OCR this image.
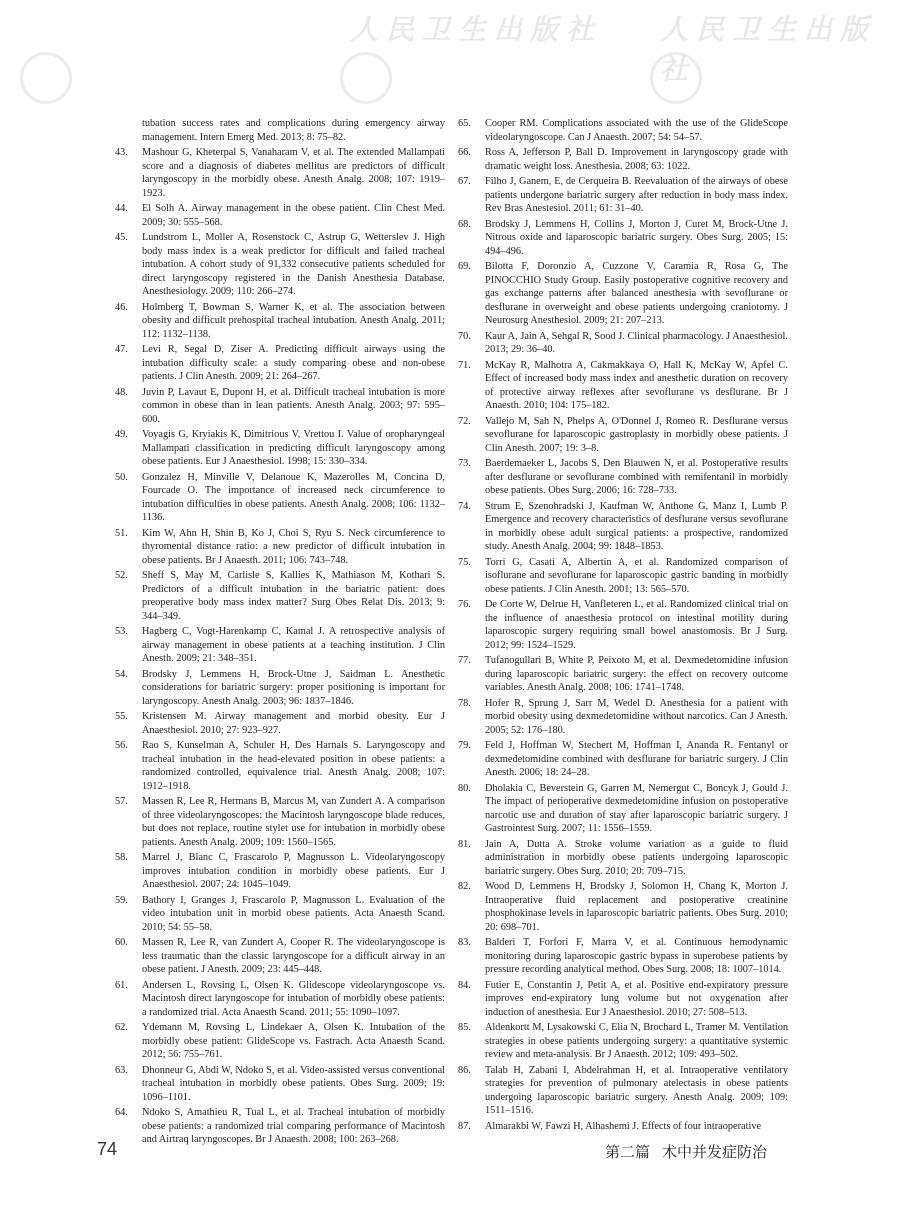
人民卫生出版社 人民卫生出版社
tubation success rates and complications during emergency airway management. Intern Emerg Med. 2013; 8: 75–82.
43.	Mashour G, Kheterpal S, Vanaharam V, et al. The extended Mallampati score and a diagnosis of diabetes mellitus are predictors of difficult laryngoscopy in the morbidly obese. Anesth Analg. 2008; 107: 1919–1923.
44.	El Solh A. Airway management in the obese patient. Clin Chest Med. 2009; 30: 555–568.
45.	Lundstrom L, Moller A, Rosenstock C, Astrup G, Wetterslev J. High body mass index is a weak predictor for difficult and failed tracheal intubation. A cohort study of 91,332 consecutive patients scheduled for direct laryngoscopy registered in the Danish Anesthesia Database. Anesthesiology. 2009; 110: 266–274.
46.	Holmberg T, Bowman S, Warner K, et al. The association between obesity and difficult prehospital tracheal intubation. Anesth Analg. 2011; 112: 1132–1138.
47.	Levi R, Segal D, Ziser A. Predicting difficult airways using the intubation difficulty scale: a study comparing obese and non-obese patients. J Clin Anesth. 2009; 21: 264–267.
48.	Juvin P, Lavaut E, Dupont H, et al. Difficult tracheal intubation is more common in obese than in lean patients. Anesth Analg. 2003; 97: 595–600.
49.	Voyagis G, Kryiakis K, Dimitrious V, Vrettou I. Value of oropharyngeal Mallampati classification in predicting difficult laryngoscopy among obese patients. Eur J Anaesthesiol. 1998; 15: 330–334.
50.	Gonzalez H, Minville V, Delanoue K, Mazerolles M, Concina D, Fourcade O. The importance of increased neck circumference to intubation difficulties in obese patients. Anesth Analg. 2008; 106: 1132–1136.
51.	Kim W, Ahn H, Shin B, Ko J, Choi S, Ryu S. Neck circumference to thyromental distance ratio: a new predictor of difficult intubation in obese patients. Br J Anaesth. 2011; 106: 743–748.
52.	Sheff S, May M, Carlisle S, Kallies K, Mathiason M, Kothari S. Predictors of a difficult intubation in the bariatric patient: does preoperative body mass index matter? Surg Obes Relat Dis. 2013; 9: 344–349.
53.	Hagberg C, Vogt-Harenkamp C, Kamal J. A retrospective analysis of airway management in obese patients at a teaching institution. J Clin Anesth. 2009; 21: 348–351.
54.	Brodsky J, Lemmens H, Brock-Utne J, Saidman L. Anesthetic considerations for bariatric surgery: proper positioning is important for laryngoscopy. Anesth Analg. 2003; 96: 1837–1846.
55.	Kristensen M. Airway management and morbid obesity. Eur J Anaesthesiol. 2010; 27: 923–927.
56.	Rao S, Kunselman A, Schuler H, Des Harnals S. Laryngoscopy and tracheal intubation in the head-elevated position in obese patients: a randomized controlled, equivalence trial. Anesth Analg. 2008; 107: 1912–1918.
57.	Massen R, Lee R, Hermans B, Marcus M, van Zundert A. A comparison of three videolaryngoscopes: the Macintosh laryngoscope blade reduces, but does not replace, routine stylet use for intubation in morbidly obese patients. Anesth Analg. 2009; 109: 1560–1565.
58.	Marrel J, Blanc C, Frascarolo P, Magnusson L. Videolaryngoscopy improves intubation condition in morbidly obese patients. Eur J Anaesthesiol. 2007; 24: 1045–1049.
59.	Bathory I, Granges J, Frascarolo P, Magnusson L. Evaluation of the video intubation unit in morbid obese patients. Acta Anaesth Scand. 2010; 54: 55–58.
60.	Massen R, Lee R, van Zundert A, Cooper R. The videolaryngoscope is less traumatic than the classic laryngoscope for a difficult airway in an obese patient. J Anesth. 2009; 23: 445–448.
61.	Andersen L, Rovsing L, Olsen K. Glidescope videolaryngoscope vs. Macintosh direct laryngoscope for intubation of morbidly obese patients: a randomized trial. Acta Anaesth Scand. 2011; 55: 1090–1097.
62.	Ydemann M, Rovsing L, Lindekaer A, Olsen K. Intubation of the morbidly obese patient: GlideScope vs. Fastrach. Acta Anaesth Scand. 2012; 56: 755–761.
63.	Dhonneur G, Abdi W, Ndoko S, et al. Video-assisted versus conventional tracheal intubation in morbidly obese patients. Obes Surg. 2009; 19: 1096–1101.
64.	Ndoko S, Amathieu R, Tual L, et al. Tracheal intubation of morbidly obese patients: a randomized trial comparing performance of Macintosh and Airtraq laryngoscopes. Br J Anaesth. 2008; 100: 263–268.
65.	Cooper RM. Complications associated with the use of the GlideScope videolaryngoscope. Can J Anaesth. 2007; 54: 54–57.
66.	Ross A, Jefferson P, Ball D. Improvement in laryngoscopy grade with dramatic weight loss. Anesthesia. 2008; 63: 1022.
67.	Filho J, Ganem, E, de Cerqueira B. Reevaluation of the airways of obese patients undergone bariatric surgery after reduction in body mass index. Rev Bras Anestesiol. 2011; 61: 31–40.
68.	Brodsky J, Lemmens H, Collins J, Morton J, Curet M, Brock-Utne J. Nitrous oxide and laparoscopic bariatric surgery. Obes Surg. 2005; 15: 494–496.
69.	Bilotta F, Doronzio A, Cuzzone V, Caramia R, Rosa G, The PINOCCHIO Study Group. Easily postoperative cognitive recovery and gas exchange patterns after balanced anesthesia with sevoflurane or desflurane in overweight and obese patients undergoing craniotomy. J Neurosurg Anesthesiol. 2009; 21: 207–213.
70.	Kaur A, Jain A, Sehgal R, Sood J. Clinical pharmacology. J Anaesthesiol. 2013; 29: 36–40.
71.	McKay R, Malhotra A, Cakmakkaya O, Hall K, McKay W, Apfel C. Effect of increased body mass index and anesthetic duration on recovery of protective airway reflexes after sevoflurane vs desflurane. Br J Anaesth. 2010; 104: 175–182.
72.	Vallejo M, Sah N, Phelps A, O'Donnel J, Romeo R. Desflurane versus sevoflurane for laparoscopic gastroplasty in morbidly obese patients. J Clin Anesth. 2007; 19: 3–8.
73.	Baerdemaeker L, Jacobs S, Den Blauwen N, et al. Postoperative results after desflurane or sevoflurane combined with remifentanil in morbidly obese patients. Obes Surg. 2006; 16: 728–733.
74.	Strum E, Szenohradski J, Kaufman W, Anthone G, Manz I, Lumb P. Emergence and recovery characteristics of desflurane versus sevoflurane in morbidly obese adult surgical patients: a prospective, randomized study. Anesth Analg. 2004; 99: 1848–1853.
75.	Torri G, Casati A, Albertin A, et al. Randomized comparison of isoflurane and sevoflurane for laparoscopic gastric banding in morbidly obese patients. J Clin Anesth. 2001; 13: 565–570.
76.	De Corte W, Delrue H, Vanfleteren L, et al. Randomized clinical trial on the influence of anaesthesia protocol on intestinal motility during laparoscopic surgery requiring small bowel anastomosis. Br J Surg. 2012; 99: 1524–1529.
77.	Tufanogullari B, White P, Peixoto M, et al. Dexmedetomidine infusion during laparoscopic bariatric surgery: the effect on recovery outcome variables. Anesth Analg. 2008; 106: 1741–1748.
78.	Hofer R, Sprung J, Sarr M, Wedel D. Anesthesia for a patient with morbid obesity using dexmedetomidine without narcotics. Can J Anesth. 2005; 52: 176–180.
79.	Feld J, Hoffman W, Stechert M, Hoffman I, Ananda R. Fentanyl or dexmedetomidine combined with desflurane for bariatric surgery. J Clin Anesth. 2006; 18: 24–28.
80.	Dholakia C, Beverstein G, Garren M, Nemergut C, Boncyk J, Gould J. The impact of perioperative dexmedetomidine infusion on postoperative narcotic use and duration of stay after laparoscopic bariatric surgery. J Gastrointest Surg. 2007; 11: 1556–1559.
81.	Jain A, Dutta A. Stroke volume variation as a guide to fluid administration in morbidly obese patients undergoing laparoscopic bariatric surgery. Obes Surg. 2010; 20: 709–715.
82.	Wood D, Lemmens H, Brodsky J, Solomon H, Chang K, Morton J. Intraoperative fluid replacement and postoperative creatinine phosphokinase levels in laparoscopic bariatric patients. Obes Surg. 2010; 20: 698–701.
83.	Balderi T, Forfori F, Marra V, et al. Continuous hemodynamic monitoring during laparoscopic gastric bypass in superobese patients by pressure recording analytical method. Obes Surg. 2008; 18: 1007–1014.
84.	Futier E, Constantin J, Petit A, et al. Positive end-expiratory pressure improves end-expiratory lung volume but not oxygenation after induction of anesthesia. Eur J Anaesthesiol. 2010; 27: 508–513.
85.	Aldenkortt M, Lysakowski C, Elia N, Brochard L, Tramer M. Ventilation strategies in obese patients undergoing surgery: a quantitative systemic review and meta-analysis. Br J Anaesth. 2012; 109: 493–502.
86.	Talab H, Zabani I, Abdelrahman H, et al. Intraoperative ventilatory strategies for prevention of pulmonary atelectasis in obese patients undergoing laparoscopic bariatric surgery. Anesth Analg. 2009; 109: 1511–1516.
87.	Almarakbi W, Fawzi H, Alhashemi J. Effects of four intraoperative
74	第二篇 术中并发症防治
